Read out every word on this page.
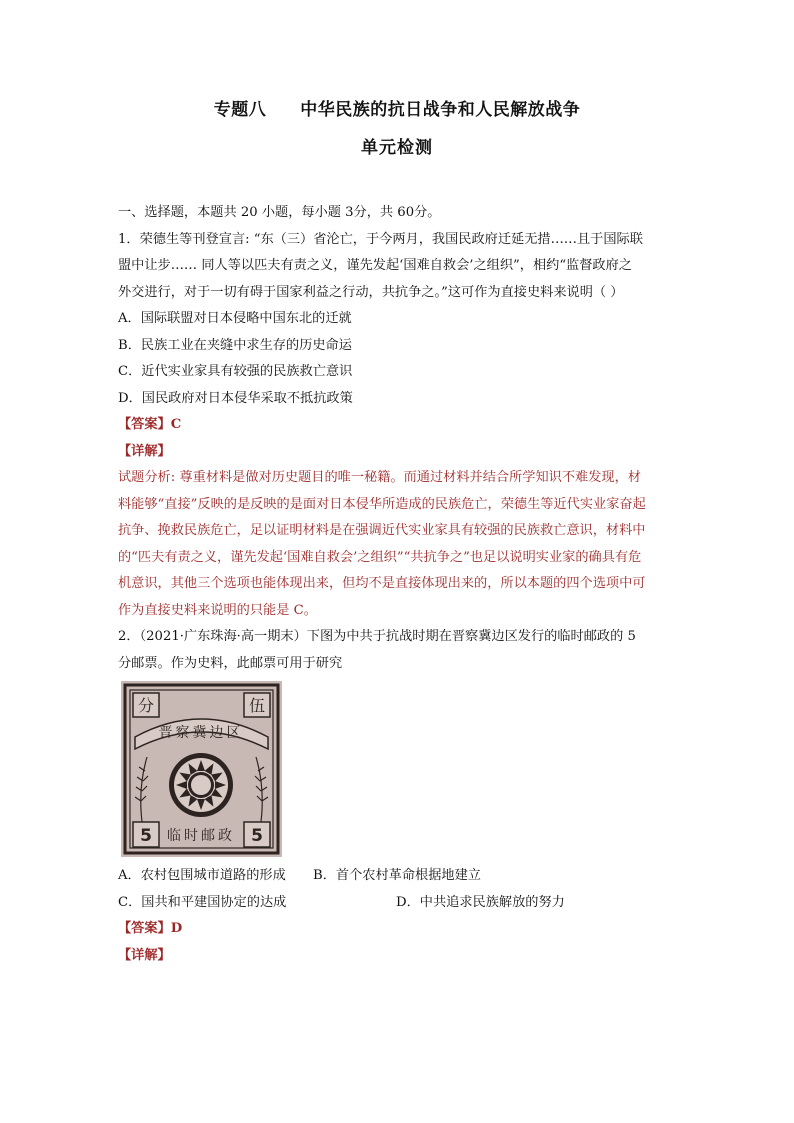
专题八 中华民族的抗日战争和人民解放战争
单元检测
一、选择题，本题共 20 小题，每小题 3分，共 60分。
1．荣德生等刊登宣言: “东（三）省沦亡，于今两月，我国民政府迁延无措……且于国际联
盟中让步…… 同人等以匹夫有责之义，谨先发起‘国难自救会’之组织”，相约“监督政府之
外交进行，对于一切有碍于国家利益之行动，共抗争之。”这可作为直接史料来说明（ ）
A．国际联盟对日本侵略中国东北的迁就
B．民族工业在夹缝中求生存的历史命运
C．近代实业家具有较强的民族救亡意识
D．国民政府对日本侵华采取不抵抗政策
【答案】C
【详解】
试题分析: 尊重材料是做对历史题目的唯一秘籍。而通过材料并结合所学知识不难发现，材
料能够“直接”反映的是反映的是面对日本侵华所造成的民族危亡，荣德生等近代实业家奋起
抗争、挽救民族危亡，足以证明材料是在强调近代实业家具有较强的民族救亡意识，材料中
的“匹夫有责之义，谨先发起‘国难自救会’之组织”“共抗争之”也足以说明实业家的确具有危
机意识，其他三个选项也能体现出来，但均不是直接体现出来的，所以本题的四个选项中可
作为直接史料来说明的只能是 C。
2．（2021·广东珠海·高一期末）下图为中共于抗战时期在晋察冀边区发行的临时邮政的 5
分邮票。作为史料，此邮票可用于研究
分	伍
晋察冀边区
5	5
临时邮政
A．农村包围城市道路的形成 B．首个农村革命根据地建立
C．国共和平建国协定的达成	D．中共追求民族解放的努力
【答案】D
【详解】
